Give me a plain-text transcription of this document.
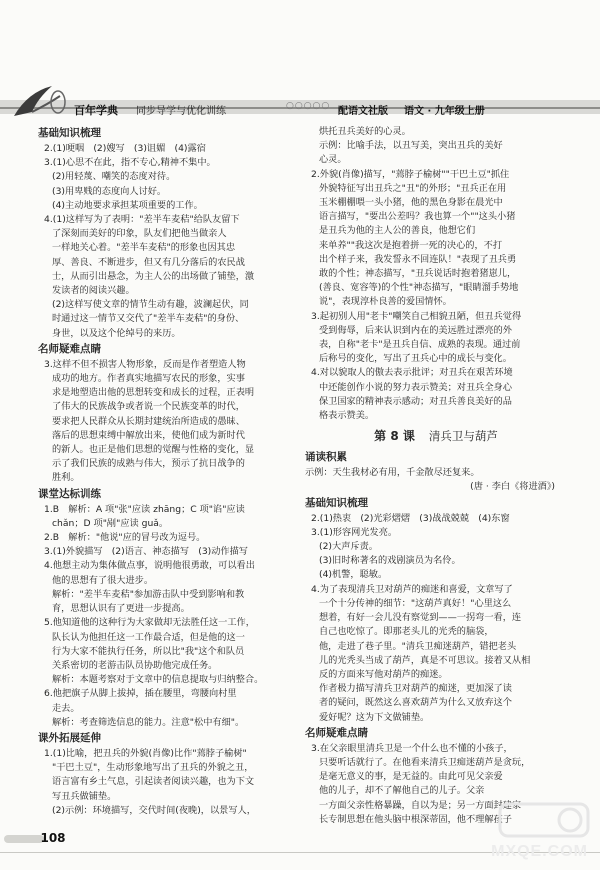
百年学典 同步导学与优化训练	○○○○○ 配语文社版 语文 · 九年级上册

基础知识梳理

2.(1)哽咽　(2)嫂写　(3)诅媚　(4)露宿

3.(1)心思不在此，指不专心,精神不集中。

(2)用轻蔑、嘲笑的态度对待。

(3)用卑贱的态度向人讨好。

(4)主动地要求承担某项重要的工作。

4.(1)这样写为了表明："差半车麦秸"给队友留下

了深刻而美好的印象，队友们把他当做亲人

一样地关心着。"差半车麦秸"的形象也因其忠

厚、善良、不断进步，但又有几分落后的农民战

士，从而引出悬念，为主人公的出场做了铺垫，激

发读者的阅读兴趣。

(2)这样写使文章的情节生动有趣，波澜起伏，同

时通过这一情节又交代了"差半车麦秸"的身份、

身世，以及这个伦绰号的来历。

名师疑难点睛

3.这样不但不损害人物形象，反而是作者塑造人物

成功的地方。作者真实地描写农民的形象，实事

求是地塑造出他的思想转变和成长的过程，正表明

了伟大的民族战争或者说一个民族变革的时代，

要求把人民群众从长期封建统治所造成的愚昧、

落后的思想束缚中解放出来，使他们成为新时代

的新人。也正是他们思想的觉醒与性格的变化，显

示了我们民族的成熟与伟大，预示了抗日战争的

胜利。

课堂达标训练

1.B　解析：A 项"张"应读 zhāng；C 项"谄"应读

chǎn；D 项"剐"应读 guǎ。

2.B　解析："他说"应的冒号改为逗号。

3.(1)外貌描写　(2)语言、神态描写　(3)动作描写

4.他想主动为集体做点事，说明他很勇敢，可以看出

他的思想有了很大进步。

解析："差半车麦秸"参加游击队中受到影响和教

育，思想认识有了更进一步提高。

5.他知道他的这种行为大家做却无法胜任这一工作，

队长认为他担任这一工作最合适，但是他的这一

行为大家不能执行任务，所以比"我"这个和队员

关系密切的老游击队员协助他完成任务。

解析：本题考察对于文章中的信息提取与归纳整合。

6.他把旗子从脚上拔掉，插在腰里，弯腰向村里

走去。

解析：考查筛选信息的能力。注意"松中有细"。

课外拓展延伸

1.(1)比喻，把丑兵的外貌(肖像)比作"蔫脖子榆树"

"干巴土豆"，生动形象地写出了丑兵的外貌之丑，

语言富有乡土气息，引起读者阅读兴趣，也为下文

写丑兵做铺垫。

(2)示例：环境描写，交代时间(夜晚)，以景写人，

烘托丑兵美好的心灵。

示例：比喻手法，以丑写美，突出丑兵的美好

心灵。

2.外貌(肖像)描写，"蔫脖子榆树""干巴土豆"抓住

外貌特征写出丑兵之"丑"的外形；"丑兵正在用

玉米棚棚喂一头小猪，他的黑色身影在晨光中

语言描写，"要出公差吗？我也算一个""这头小猪

是丑兵为他的主人公的善良，他想它们

来单养""我这次是抱着拼一死的决心的，不打

出个样子来，我发誓永不回连队！"表现了丑兵勇

敢的个性；神态描写，"丑兵说话时抱着猪崽儿，

(善良、宽容等)的个性"神态描写，"眼睛溜手势地

说"，表现淳朴良善的爱国情怀。

3.起初别人用"老卡"嘲笑自己相貌丑陋，但丑兵觉得

受到侮辱，后来认识到内在的美远胜过漂亮的外

表，自称"老卡"是丑兵自信、成熟的表现。通过前

后称号的变化，写出了丑兵心中的成长与变化。

4.对以貌取人的傲去表示批评；对丑兵在艰苦环境

中还能创作小说的努力表示赞美；对丑兵全身心

保卫国家的精神表示感动；对丑兵善良美好的品

格表示赞美。

第 8 课 清兵卫与葫芦

诵读积累

示例：天生我材必有用，千金散尽还复来。

(唐 · 李白《将进酒》)

基础知识梳理

2.(1)热衷　(2)光彩熠熠　(3)战战兢兢　(4)东窗

3.(1)形容网光发亮。

(2)大声斥责。

(3)旧时称著名的戏剧演员为名伶。

(4)机警，聪敏。

4.为了表现清兵卫对葫芦的痴迷和喜爱，文章写了

一个十分传神的细节："这葫芦真好！"心里这么

想着，有好一会儿没有察觉到——一拐弯一看，连

自己也吃惊了。即那老头儿的光秃的脑袋，

他，走进了巷子里。"清兵卫痴迷葫芦，错把老头

儿的光秃头当成了葫芦，真是不可思议。接着又从相

反的方面来写他对葫芦的痴迷。

作者极力描写清兵卫对葫芦的痴迷，更加深了读

者的疑问，既然这么喜欢葫芦为什么又放弃这个

爱好呢？这为下文做铺垫。

名师疑难点睛

3.在父亲眼里清兵卫是一个什么也不懂的小孩子，

只要听话就行了。在他看来清兵卫痴迷葫芦是贪玩，

是毫无意义的事，是无益的。由此可见父亲爱

他的儿子，却不了解他自己的儿子。父亲

一方面父亲性格暴躁，自以为是；另一方面封建家

长专制思想在他头脑中根深蒂固，他不理解孩子

108
MXQE.COM
